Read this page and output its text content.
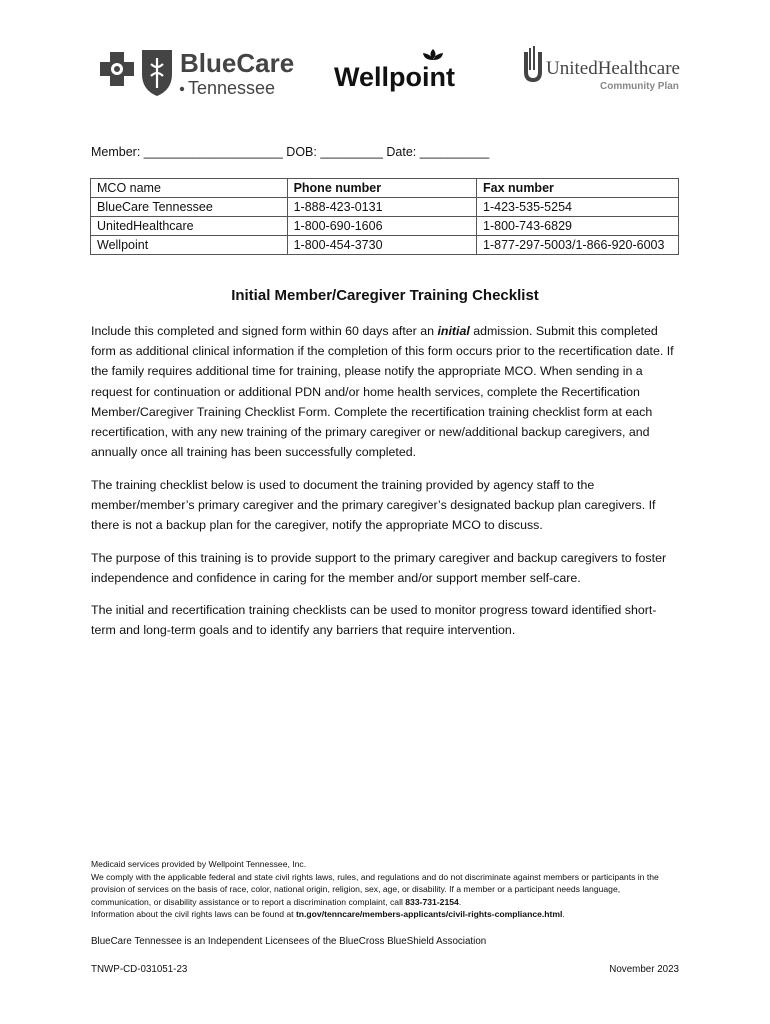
BlueCare
Tennessee Wellpoint	UnitedHealthcare
Community Plan
Member: ____________________ DOB: _________ Date: __________
MCO name	Phone number	Fax number
BlueCare Tennessee	1-888-423-0131	1-423-535-5254
UnitedHealthcare	1-800-690-1606	1-800-743-6829
Wellpoint	1-800-454-3730	1-877-297-5003/1-866-920-6003
Initial Member/Caregiver Training Checklist
Include this completed and signed form within 60 days after an initial admission. Submit this completed form as additional clinical information if the completion of this form occurs prior to the recertification date. If the family requires additional time for training, please notify the appropriate MCO. When sending in a request for continuation or additional PDN and/or home health services, complete the Recertification Member/Caregiver Training Checklist Form. Complete the recertification training checklist form at each recertification, with any new training of the primary caregiver or new/additional backup caregivers, and annually once all training has been successfully completed.
The training checklist below is used to document the training provided by agency staff to the member/member’s primary caregiver and the primary caregiver’s designated backup plan caregivers. If there is not a backup plan for the caregiver, notify the appropriate MCO to discuss.
The purpose of this training is to provide support to the primary caregiver and backup caregivers to foster independence and confidence in caring for the member and/or support member self-care.
The initial and recertification training checklists can be used to monitor progress toward identified short-term and long-term goals and to identify any barriers that require intervention.
Medicaid services provided by Wellpoint Tennessee, Inc.
We comply with the applicable federal and state civil rights laws, rules, and regulations and do not discriminate against members or participants in the provision of services on the basis of race, color, national origin, religion, sex, age, or disability. If a member or a participant needs language, communication, or disability assistance or to report a discrimination complaint, call 833-731-2154.
Information about the civil rights laws can be found at tn.gov/tenncare/members-applicants/civil-rights-compliance.html.
BlueCare Tennessee is an Independent Licensees of the BlueCross BlueShield Association
TNWP-CD-031051-23	November 2023
